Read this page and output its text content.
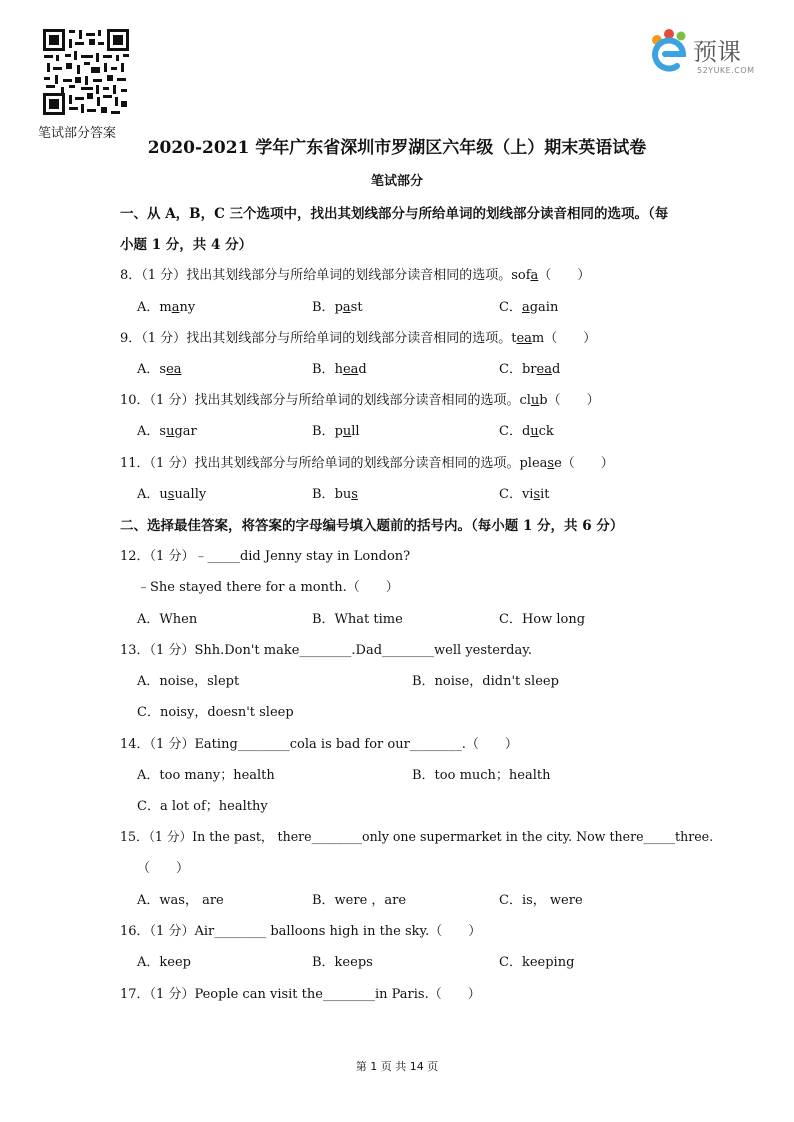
笔试部分答案
预课
52YUKE.COM
2020-2021 学年广东省深圳市罗湖区六年级（上）期末英语试卷
笔试部分
一、从 A，B，C 三个选项中，找出其划线部分与所给单词的划线部分读音相同的选项。（每
小题 1 分，共 4 分）
8．（1 分）找出其划线部分与所给单词的划线部分读音相同的选项。sofa（　　）
A．many	B．past	C．again
9．（1 分）找出其划线部分与所给单词的划线部分读音相同的选项。team（　　）
A．sea	B．head	C．bread
10．（1 分）找出其划线部分与所给单词的划线部分读音相同的选项。club（　　）
A．sugar	B．pull	C．duck
11．（1 分）找出其划线部分与所给单词的划线部分读音相同的选项。please（　　）
A．usually	B．bus	C．visit
二、选择最佳答案，将答案的字母编号填入题前的括号内。（每小题 1 分，共 6 分）
12．（1 分）﹣_____did Jenny stay in London?
﹣She stayed there for a month.（　　）
A．When	B．What time	C．How long
13．（1 分）Shh.Don't make________.Dad________well yesterday.
A．noise，slept	B．noise，didn't sleep
C．noisy，doesn't sleep
14．（1 分）Eating________cola is bad for our________.（　　）
A．too many；health	B．too much；health
C．a lot of；healthy
15．（1 分）In the past， there________only one supermarket in the city. Now there_____three.
（　　）
A．was， are	B．were ，are	C．is， were
16．（1 分）Air________ balloons high in the sky.（　　）
A．keep	B．keeps	C．keeping
17．（1 分）People can visit the________in Paris.（　　）
第 1 页 共 14 页
